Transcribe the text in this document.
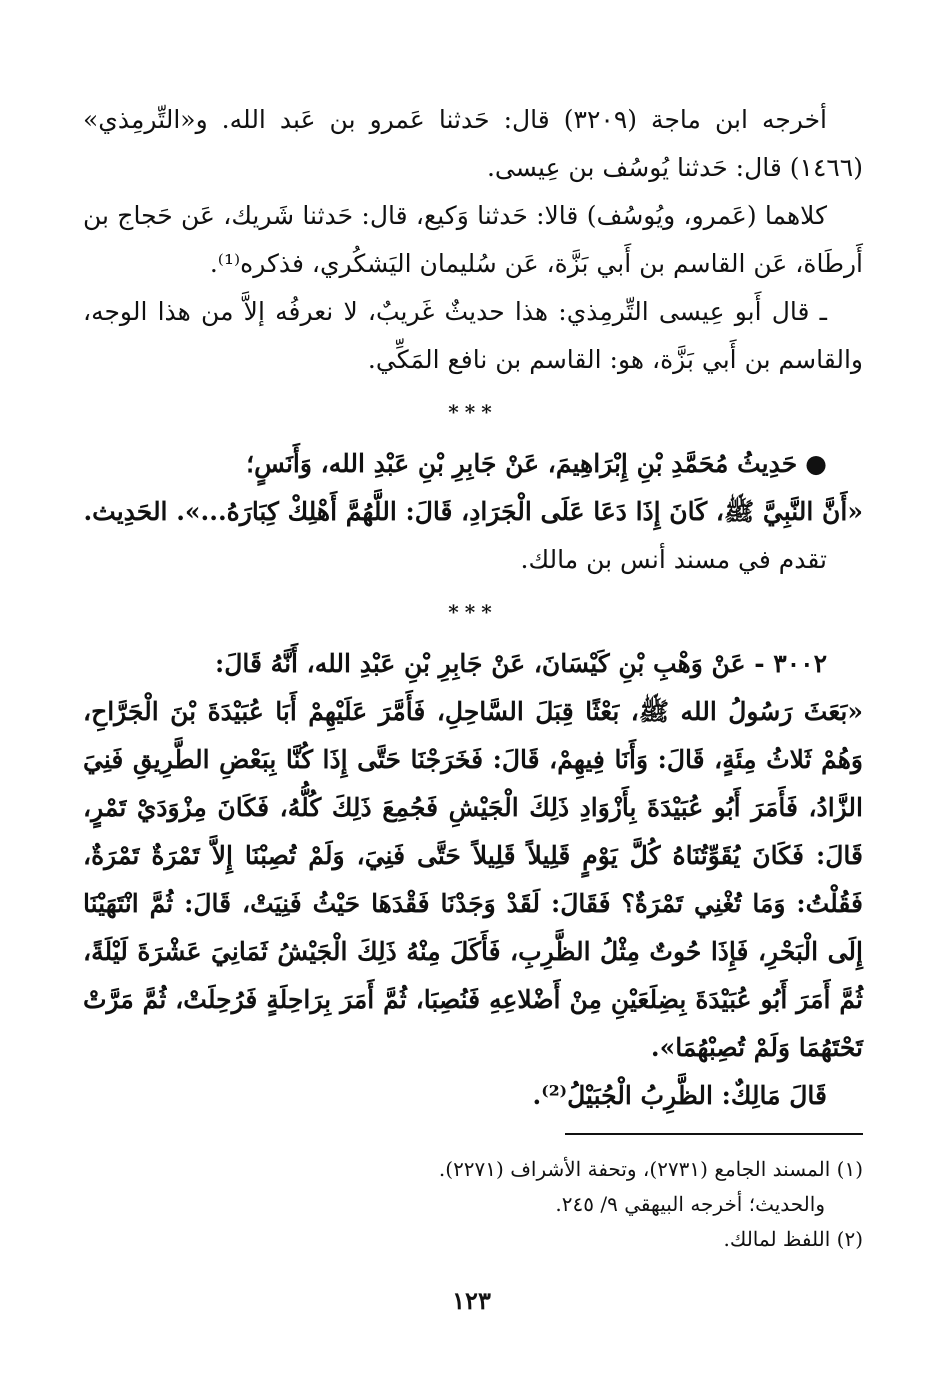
أخرجه ابن ماجة (٣٢٠٩) قال: حَدثنا عَمرو بن عَبد الله. و«التِّرمِذي» (١٤٦٦) قال: حَدثنا يُوسُف بن عِيسى.

كلاهما (عَمرو، ويُوسُف) قالا: حَدثنا وَكيع، قال: حَدثنا شَريك، عَن حَجاج بن أَرطَاة، عَن القاسم بن أَبي بَزَّة، عَن سُليمان اليَشكُري، فذكره⁽¹⁾.

ـ قال أَبو عِيسى التِّرمِذي: هذا حديثٌ غَريبٌ، لا نعرفُه إلاَّ من هذا الوجه، والقاسم بن أَبي بَزَّة، هو: القاسم بن نافع المَكِّي.

***

●حَدِيثُ مُحَمَّدِ بْنِ إِبْرَاهِيمَ، عَنْ جَابِرِ بْنِ عَبْدِ الله، وَأَنَسٍ؛

«أَنَّ النَّبِيَّ ﷺ، كَانَ إِذَا دَعَا عَلَى الْجَرَادِ، قَالَ: اللَّهُمَّ أَهْلِكْ كِبَارَهُ...». الحَدِيث.

تقدم في مسند أنس بن مالك.

***

٣٠٠٢ - عَنْ وَهْبِ بْنِ كَيْسَانَ، عَنْ جَابِرِ بْنِ عَبْدِ الله، أَنَّهُ قَالَ:

«بَعَثَ رَسُولُ الله ﷺ، بَعْثًا قِبَلَ السَّاحِلِ، فَأَمَّرَ عَلَيْهِمْ أَبَا عُبَيْدَةَ بْنَ الْجَرَّاحِ، وَهُمْ ثَلاثُ مِئَةٍ، قَالَ: وَأَنَا فِيهِمْ، قَالَ: فَخَرَجْنَا حَتَّى إِذَا كُنَّا بِبَعْضِ الطَّرِيقِ فَنِيَ الزَّادُ، فَأَمَرَ أَبُو عُبَيْدَةَ بِأَزْوَادِ ذَلِكَ الْجَيْشِ فَجُمِعَ ذَلِكَ كُلُّهُ، فَكَانَ مِزْوَدَيْ تَمْرٍ، قَالَ: فَكَانَ يُقَوِّتُنَاهُ كُلَّ يَوْمٍ قَلِيلاً قَلِيلاً حَتَّى فَنِيَ، وَلَمْ تُصِبْنَا إِلاَّ تَمْرَةٌ تَمْرَةٌ، فَقُلْتُ: وَمَا تُغْنِي تَمْرَةٌ؟ فَقَالَ: لَقَدْ وَجَدْنَا فَقْدَهَا حَيْثُ فَنِيَتْ، قَالَ: ثُمَّ انْتَهَيْنَا إِلَى الْبَحْرِ، فَإِذَا حُوتٌ مِثْلُ الظَّرِبِ، فَأَكَلَ مِنْهُ ذَلِكَ الْجَيْشُ ثَمَانِيَ عَشْرَةَ لَيْلَةً، ثُمَّ أَمَرَ أَبُو عُبَيْدَةَ بِضِلَعَيْنِ مِنْ أَضْلاعِهِ فَنُصِبَا، ثُمَّ أَمَرَ بِرَاحِلَةٍ فَرُحِلَتْ، ثُمَّ مَرَّتْ تَحْتَهُمَا وَلَمْ تُصِبْهُمَا».

قَالَ مَالِكٌ: الظَّرِبُ الْجُبَيْلُ⁽²⁾.

(١) المسند الجامع (٢٧٣١)، وتحفة الأشراف (٢٢٧١).

والحديث؛ أخرجه البيهقي ٩/ ٢٤٥.

(٢) اللفظ لمالك.

١٢٣
